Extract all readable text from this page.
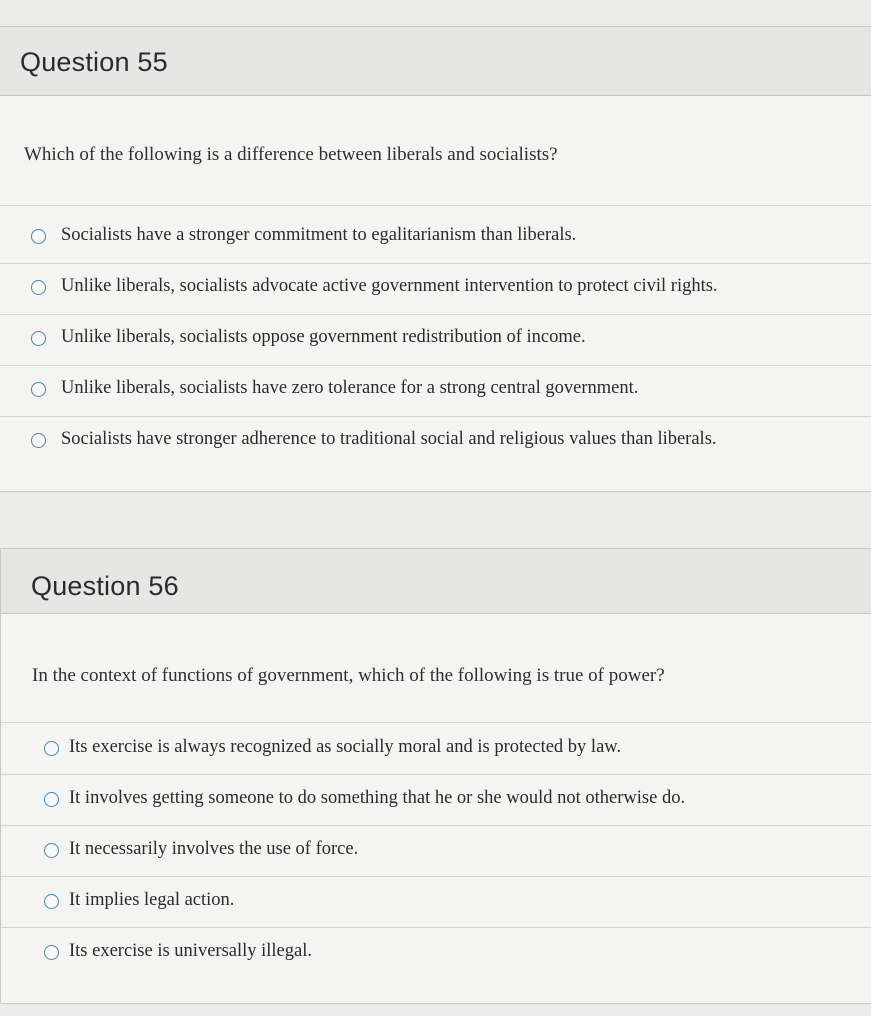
Question 55
Which of the following is a difference between liberals and socialists?
Socialists have a stronger commitment to egalitarianism than liberals.
Unlike liberals, socialists advocate active government intervention to protect civil rights.
Unlike liberals, socialists oppose government redistribution of income.
Unlike liberals, socialists have zero tolerance for a strong central government.
Socialists have stronger adherence to traditional social and religious values than liberals.
Question 56
In the context of functions of government, which of the following is true of power?
Its exercise is always recognized as socially moral and is protected by law.
It involves getting someone to do something that he or she would not otherwise do.
It necessarily involves the use of force.
It implies legal action.
Its exercise is universally illegal.
